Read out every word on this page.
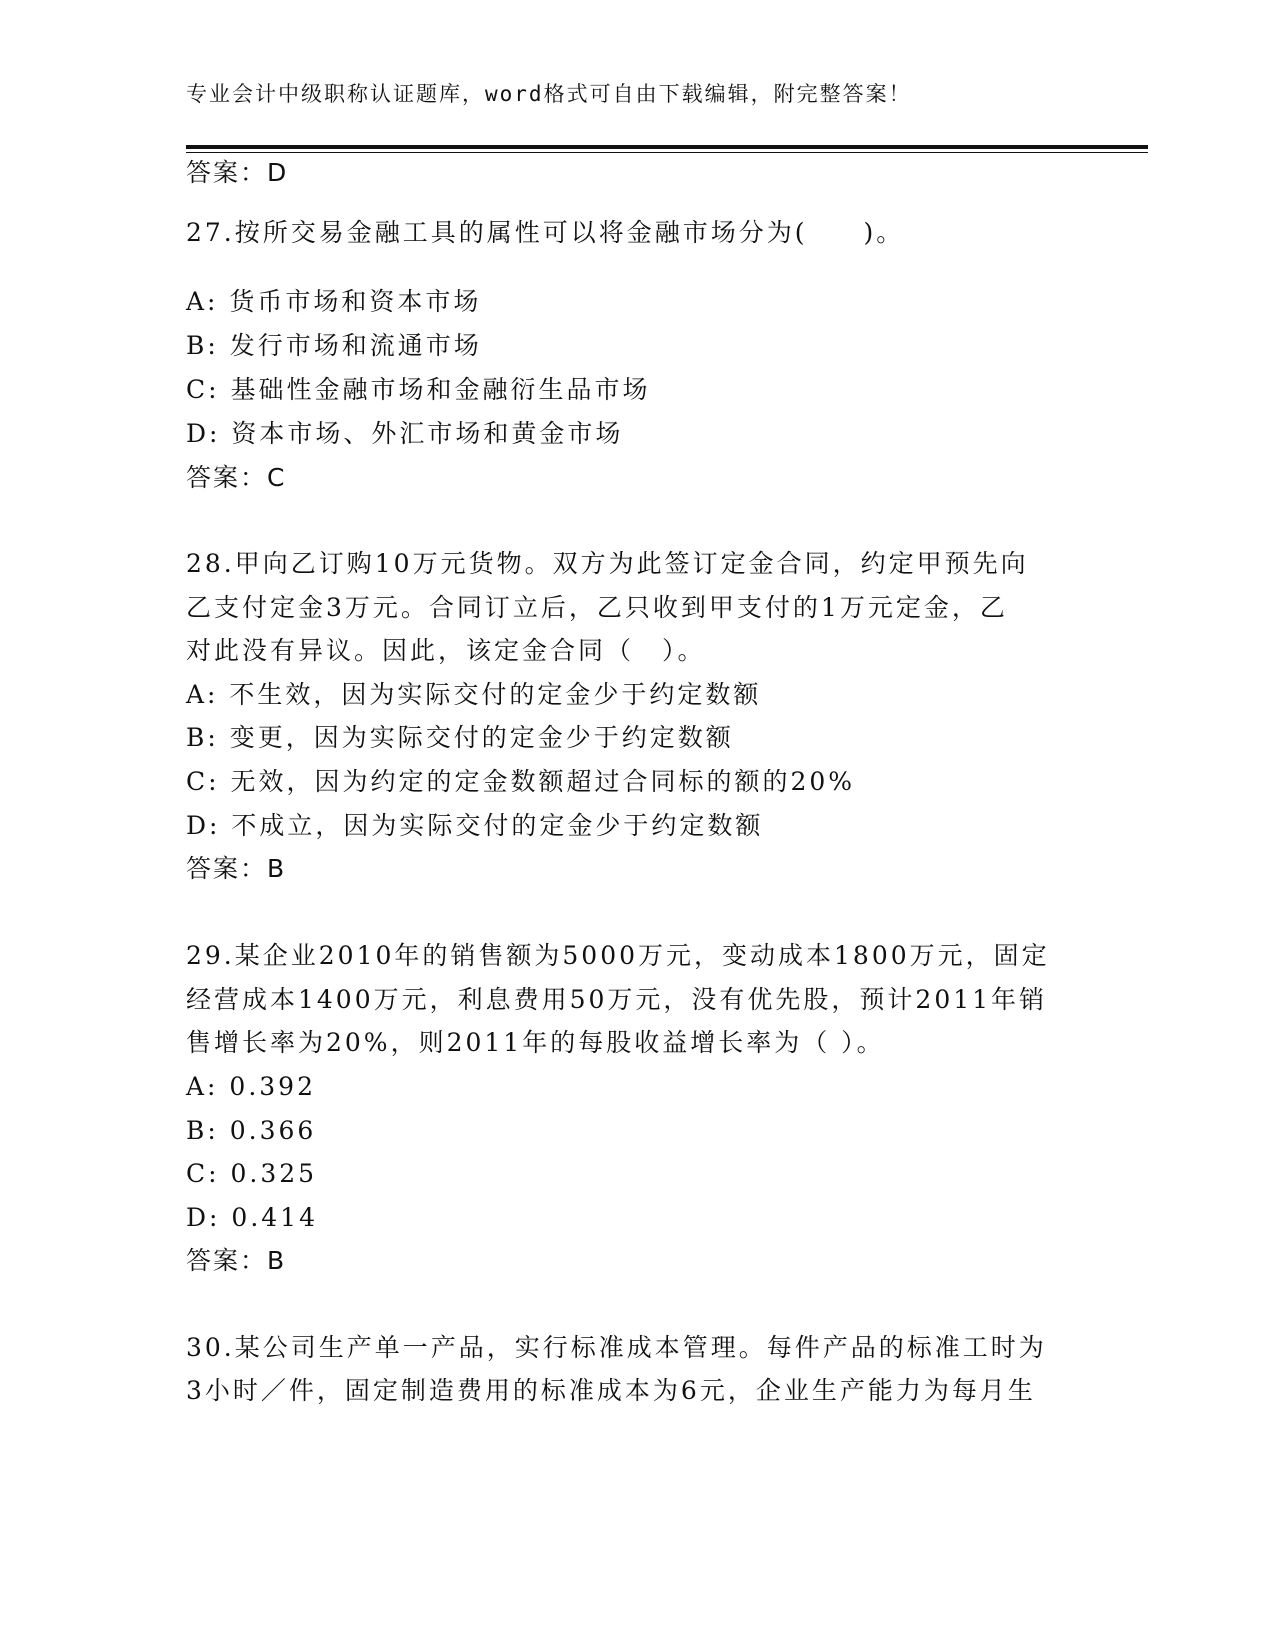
专业会计中级职称认证题库，word格式可自由下载编辑，附完整答案！
答案：D
27.按所交易金融工具的属性可以将金融市场分为(　　)。
A: 货币市场和资本市场
B: 发行市场和流通市场
C: 基础性金融市场和金融衍生品市场
D: 资本市场、外汇市场和黄金市场
答案：C
28.甲向乙订购10万元货物。双方为此签订定金合同，约定甲预先向
乙支付定金3万元。合同订立后，乙只收到甲支付的1万元定金，乙
对此没有异议。因此，该定金合同（　）。
A: 不生效，因为实际交付的定金少于约定数额
B: 变更，因为实际交付的定金少于约定数额
C: 无效，因为约定的定金数额超过合同标的额的20%
D: 不成立，因为实际交付的定金少于约定数额
答案：B
29.某企业2010年的销售额为5000万元，变动成本1800万元，固定
经营成本1400万元，利息费用50万元，没有优先股，预计2011年销
售增长率为20%，则2011年的每股收益增长率为（ ）。
A: 0.392
B: 0.366
C: 0.325
D: 0.414
答案：B
30.某公司生产单一产品，实行标准成本管理。每件产品的标准工时为
3小时／件，固定制造费用的标准成本为6元，企业生产能力为每月生
